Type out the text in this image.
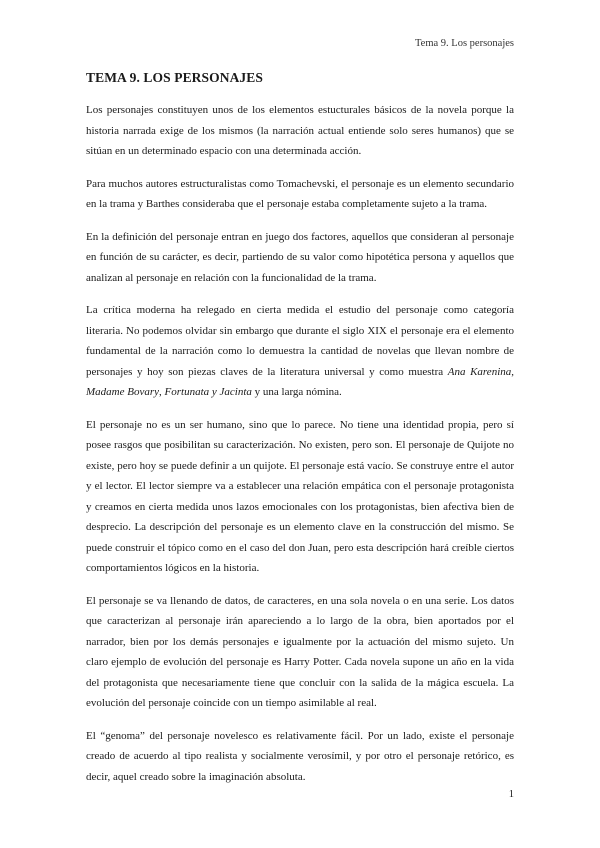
Tema 9. Los personajes
TEMA 9. LOS PERSONAJES

Los personajes constituyen unos de los elementos estucturales básicos de la novela porque la historia narrada exige de los mismos (la narración actual entiende solo seres humanos) que se sitúan en un determinado espacio con una determinada acción.

Para muchos autores estructuralistas como Tomachevski, el personaje es un elemento secundario en la trama y Barthes consideraba que el personaje estaba completamente sujeto a la trama.

En la definición del personaje entran en juego dos factores, aquellos que consideran al personaje en función de su carácter, es decir, partiendo de su valor como hipotética persona y aquellos que analizan al personaje en relación con la funcionalidad de la trama.

La crítica moderna ha relegado en cierta medida el estudio del personaje como categoría literaria. No podemos olvidar sin embargo que durante el siglo XIX el personaje era el elemento fundamental de la narración como lo demuestra la cantidad de novelas que llevan nombre de personajes y hoy son piezas claves de la literatura universal y como muestra Ana Karenina, Madame Bovary, Fortunata y Jacinta y una larga nómina.

El personaje no es un ser humano, sino que lo parece. No tiene una identidad propia, pero sí posee rasgos que posibilitan su caracterización. No existen, pero son. El personaje de Quijote no existe, pero hoy se puede definir a un quijote. El personaje está vacío. Se construye entre el autor y el lector. El lector siempre va a establecer una relación empática con el personaje protagonista y creamos en cierta medida unos lazos emocionales con los protagonistas, bien afectiva bien de desprecio. La descripción del personaje es un elemento clave en la construcción del mismo. Se puede construir el tópico como en el caso del don Juan, pero esta descripción hará creíble ciertos comportamientos lógicos en la historia.

El personaje se va llenando de datos, de caracteres, en una sola novela o en una serie. Los datos que caracterizan al personaje irán apareciendo a lo largo de la obra, bien aportados por el narrador, bien por los demás personajes e igualmente por la actuación del mismo sujeto. Un claro ejemplo de evolución del personaje es Harry Potter. Cada novela supone un año en la vida del protagonista que necesariamente tiene que concluir con la salida de la mágica escuela. La evolución del personaje coincide con un tiempo asimilable al real.

El “genoma” del personaje novelesco es relativamente fácil. Por un lado, existe el personaje creado de acuerdo al tipo realista y socialmente verosímil, y por otro el personaje retórico, es decir, aquel creado sobre la imaginación absoluta.

1
